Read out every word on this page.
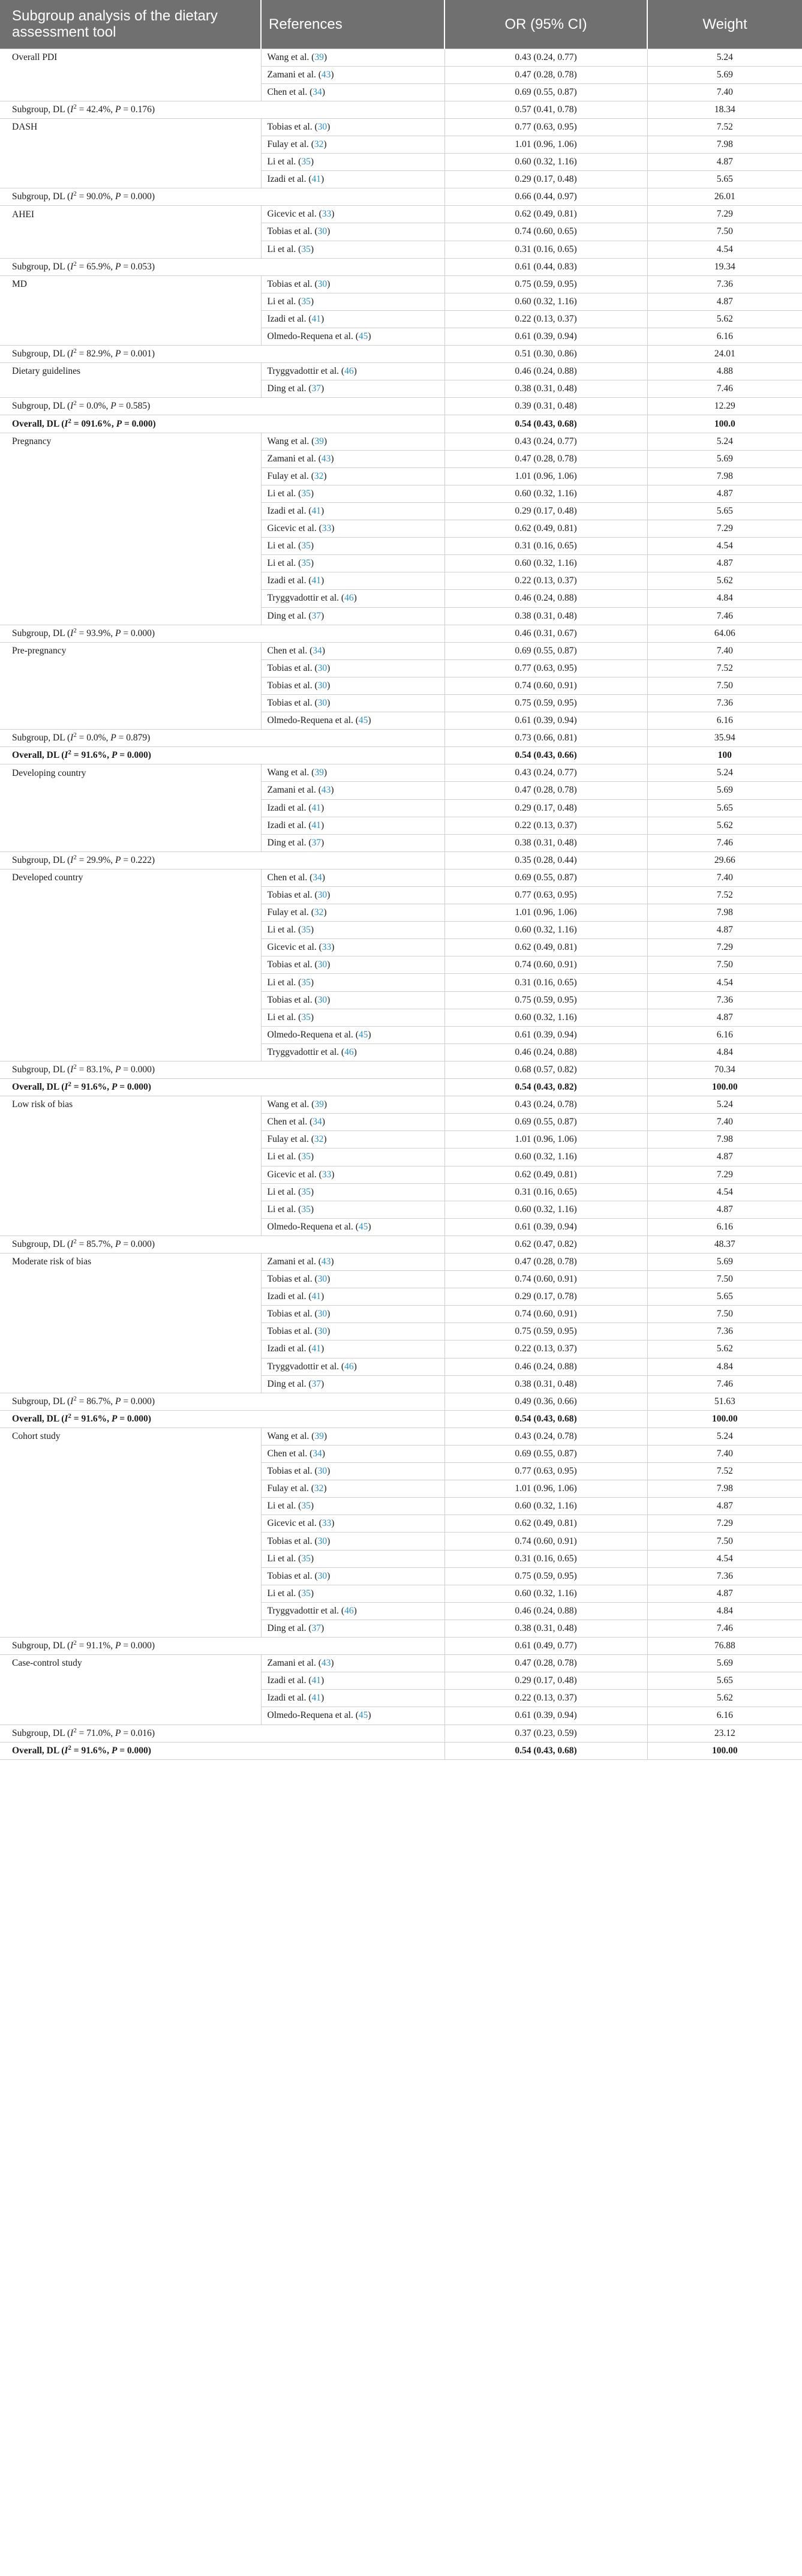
Subgroup analysis of the dietary assessment tool	References	OR (95% CI)	Weight
Overall PDI	Wang et al. (39)	0.43 (0.24, 0.77)	5.24
	Zamani et al. (43)	0.47 (0.28, 0.78)	5.69
	Chen et al. (34)	0.69 (0.55, 0.87)	7.40
Subgroup, DL ($I^2 = 42.4\%$, P = 0.176)		0.57 (0.41, 0.78)	18.34
DASH	Tobias et al. (30)	0.77 (0.63, 0.95)	7.52
	Fulay et al. (32)	1.01 (0.96, 1.06)	7.98
	Li et al. (35)	0.60 (0.32, 1.16)	4.87
	Izadi et al. (41)	0.29 (0.17, 0.48)	5.65
Subgroup, DL ($I^2 = 90.0\%$, P = 0.000)		0.66 (0.44, 0.97)	26.01
AHEI	Gicevic et al. (33)	0.62 (0.49, 0.81)	7.29
	Tobias et al. (30)	0.74 (0.60, 0.65)	7.50
	Li et al. (35)	0.31 (0.16, 0.65)	4.54
Subgroup, DL ($I^2 = 65.9\%$, P = 0.053)		0.61 (0.44, 0.83)	19.34
MD	Tobias et al. (30)	0.75 (0.59, 0.95)	7.36
	Li et al. (35)	0.60 (0.32, 1.16)	4.87
	Izadi et al. (41)	0.22 (0.13, 0.37)	5.62
	Olmedo-Requena et al. (45)	0.61 (0.39, 0.94)	6.16
Subgroup, DL ($I^2 = 82.9\%$, P = 0.001)		0.51 (0.30, 0.86)	24.01
Dietary guidelines	Tryggvadottir et al. (46)	0.46 (0.24, 0.88)	4.88
	Ding et al. (37)	0.38 (0.31, 0.48)	7.46
Subgroup, DL ($I^2 = 0.0\%$, P = 0.585)		0.39 (0.31, 0.48)	12.29
Overall, DL ($I^2 = 091.6\%$, P = 0.000)		0.54 (0.43, 0.68)	100.0
Pregnancy	Wang et al. (39)	0.43 (0.24, 0.77)	5.24
	Zamani et al. (43)	0.47 (0.28, 0.78)	5.69
	Fulay et al. (32)	1.01 (0.96, 1.06)	7.98
	Li et al. (35)	0.60 (0.32, 1.16)	4.87
	Izadi et al. (41)	0.29 (0.17, 0.48)	5.65
	Gicevic et al. (33)	0.62 (0.49, 0.81)	7.29
	Li et al. (35)	0.31 (0.16, 0.65)	4.54
	Li et al. (35)	0.60 (0.32, 1.16)	4.87
	Izadi et al. (41)	0.22 (0.13, 0.37)	5.62
	Tryggvadottir et al. (46)	0.46 (0.24, 0.88)	4.84
	Ding et al. (37)	0.38 (0.31, 0.48)	7.46
Subgroup, DL ($I^2 = 93.9\%$, P = 0.000)		0.46 (0.31, 0.67)	64.06
Pre-pregnancy	Chen et al. (34)	0.69 (0.55, 0.87)	7.40
	Tobias et al. (30)	0.77 (0.63, 0.95)	7.52
	Tobias et al. (30)	0.74 (0.60, 0.91)	7.50
	Tobias et al. (30)	0.75 (0.59, 0.95)	7.36
	Olmedo-Requena et al. (45)	0.61 (0.39, 0.94)	6.16
Subgroup, DL ($I^2 = 0.0\%$, P = 0.879)		0.73 (0.66, 0.81)	35.94
Overall, DL ($I^2 = 91.6\%$, P = 0.000)		0.54 (0.43, 0.66)	100
Developing country	Wang et al. (39)	0.43 (0.24, 0.77)	5.24
	Zamani et al. (43)	0.47 (0.28, 0.78)	5.69
	Izadi et al. (41)	0.29 (0.17, 0.48)	5.65
	Izadi et al. (41)	0.22 (0.13, 0.37)	5.62
	Ding et al. (37)	0.38 (0.31, 0.48)	7.46
Subgroup, DL ($I^2 = 29.9\%$, P = 0.222)		0.35 (0.28, 0.44)	29.66
Developed country	Chen et al. (34)	0.69 (0.55, 0.87)	7.40
	Tobias et al. (30)	0.77 (0.63, 0.95)	7.52
	Fulay et al. (32)	1.01 (0.96, 1.06)	7.98
	Li et al. (35)	0.60 (0.32, 1.16)	4.87
	Gicevic et al. (33)	0.62 (0.49, 0.81)	7.29
	Tobias et al. (30)	0.74 (0.60, 0.91)	7.50
	Li et al. (35)	0.31 (0.16, 0.65)	4.54
	Tobias et al. (30)	0.75 (0.59, 0.95)	7.36
	Li et al. (35)	0.60 (0.32, 1.16)	4.87
	Olmedo-Requena et al. (45)	0.61 (0.39, 0.94)	6.16
	Tryggvadottir et al. (46)	0.46 (0.24, 0.88)	4.84
Subgroup, DL ($I^2 = 83.1\%$, P = 0.000)		0.68 (0.57, 0.82)	70.34
Overall, DL ($I^2 = 91.6\%$, P = 0.000)		0.54 (0.43, 0.82)	100.00
Low risk of bias	Wang et al. (39)	0.43 (0.24, 0.78)	5.24
	Chen et al. (34)	0.69 (0.55, 0.87)	7.40
	Fulay et al. (32)	1.01 (0.96, 1.06)	7.98
	Li et al. (35)	0.60 (0.32, 1.16)	4.87
	Gicevic et al. (33)	0.62 (0.49, 0.81)	7.29
	Li et al. (35)	0.31 (0.16, 0.65)	4.54
	Li et al. (35)	0.60 (0.32, 1.16)	4.87
	Olmedo-Requena et al. (45)	0.61 (0.39, 0.94)	6.16
Subgroup, DL ($I^2 = 85.7\%$, P = 0.000)		0.62 (0.47, 0.82)	48.37
Moderate risk of bias	Zamani et al. (43)	0.47 (0.28, 0.78)	5.69
	Tobias et al. (30)	0.74 (0.60, 0.91)	7.50
	Izadi et al. (41)	0.29 (0.17, 0.78)	5.65
	Tobias et al. (30)	0.74 (0.60, 0.91)	7.50
	Tobias et al. (30)	0.75 (0.59, 0.95)	7.36
	Izadi et al. (41)	0.22 (0.13, 0.37)	5.62
	Tryggvadottir et al. (46)	0.46 (0.24, 0.88)	4.84
	Ding et al. (37)	0.38 (0.31, 0.48)	7.46
Subgroup, DL ($I^2 = 86.7\%$, P = 0.000)		0.49 (0.36, 0.66)	51.63
Overall, DL ($I^2 = 91.6\%$, P = 0.000)		0.54 (0.43, 0.68)	100.00
Cohort study	Wang et al. (39)	0.43 (0.24, 0.78)	5.24
	Chen et al. (34)	0.69 (0.55, 0.87)	7.40
	Tobias et al. (30)	0.77 (0.63, 0.95)	7.52
	Fulay et al. (32)	1.01 (0.96, 1.06)	7.98
	Li et al. (35)	0.60 (0.32, 1.16)	4.87
	Gicevic et al. (33)	0.62 (0.49, 0.81)	7.29
	Tobias et al. (30)	0.74 (0.60, 0.91)	7.50
	Li et al. (35)	0.31 (0.16, 0.65)	4.54
	Tobias et al. (30)	0.75 (0.59, 0.95)	7.36
	Li et al. (35)	0.60 (0.32, 1.16)	4.87
	Tryggvadottir et al. (46)	0.46 (0.24, 0.88)	4.84
	Ding et al. (37)	0.38 (0.31, 0.48)	7.46
Subgroup, DL ($I^2 = 91.1\%$, P = 0.000)		0.61 (0.49, 0.77)	76.88
Case-control study	Zamani et al. (43)	0.47 (0.28, 0.78)	5.69
	Izadi et al. (41)	0.29 (0.17, 0.48)	5.65
	Izadi et al. (41)	0.22 (0.13, 0.37)	5.62
	Olmedo-Requena et al. (45)	0.61 (0.39, 0.94)	6.16
Subgroup, DL ($I^2 = 71.0\%$, P = 0.016)		0.37 (0.23, 0.59)	23.12
Overall, DL ($I^2 = 91.6\%$, P = 0.000)		0.54 (0.43, 0.68)	100.00
